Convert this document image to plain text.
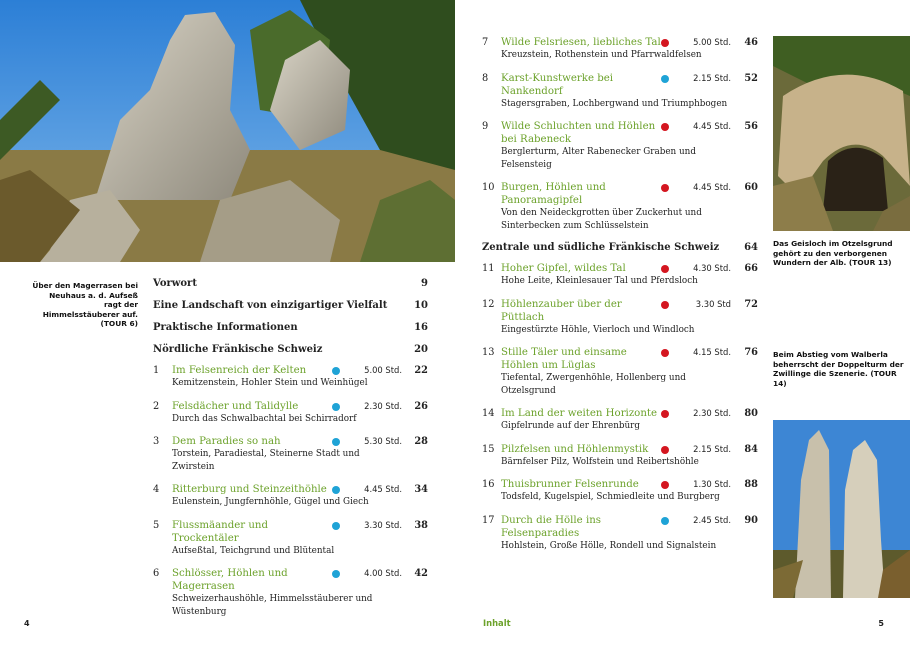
Über den Magerrasen bei Neuhaus a. d. Aufseß ragt der Himmelsstäuberer auf. (TOUR 6)
Vorwort	9
Eine Landschaft von einzigartiger Vielfalt	10
Praktische Informationen	16
Nördliche Fränkische Schweiz	20
1	Im Felsenreich der Kelten	5.00 Std.	22
Kemitzenstein, Hohler Stein und Weinhügel
2	Felsdächer und Talidylle	2.30 Std.	26
Durch das Schwalbachtal bei Schirradorf
3	Dem Paradies so nah	5.30 Std.	28
Torstein, Paradiestal, Steinerne Stadt und Zwirstein
4	Ritterburg und Steinzeithöhle	4.45 Std.	34
Eulenstein, Jungfernhöhle, Gügel und Giech
5	Flussmäander und Trockentäler
3.30 Std.	38
Aufseßtal, Teichgrund und Blütental
6	Schlösser, Höhlen und Magerrasen
4.00 Std.	42
Schweizerhaushöhle, Himmelsstäuberer und Wüstenburg
4
7	Wilde Felsriesen, liebliches Tal	5.00 Std.	46
Kreuzstein, Rothenstein und Pfarrwaldfelsen
8	Karst-Kunstwerke bei Nankendorf
2.15 Std.	52
Stagersgraben, Lochbergwand und Triumphbogen
9	Wilde Schluchten und Höhlen bei Rabeneck
4.45 Std.	56
Berglerturm, Alter Rabenecker Graben und Felsensteig
10 Burgen, Höhlen und Panoramagipfel
4.45 Std.	60
Von den Neideckgrotten über Zuckerhut und Sinterbecken zum Schlüsselstein
Zentrale und südliche Fränkische Schweiz 64
11 Hoher Gipfel, wildes Tal	4.30 Std.	66
Hohe Leite, Kleinlesauer Tal und Pferdsloch
12 Höhlenzauber über der Püttlach
3.30 Std	72
Eingestürzte Höhle, Vierloch und Windloch
13 Stille Täler und einsame Höhlen um Lüglas
4.15 Std.	76
Tiefental, Zwergenhöhle, Hollenberg und Otzelsgrund
14 Im Land der weiten Horizonte	2.30 Std.	80
Gipfelrunde auf der Ehrenbürg
15 Pilzfelsen und Höhlenmystik	2.15 Std.	84
Bärnfelser Pilz, Wolfstein und Reibertshöhle
16 Thuisbrunner Felsenrunde	1.30 Std.	88
Todsfeld, Kugelspiel, Schmiedleite und Burgberg
17 Durch die Hölle ins Felsenparadies
2.45 Std.	90
Hohlstein, Große Hölle, Rondell und Signalstein
Das Geisloch im Otzelsgrund gehört zu den verborgenen Wundern der Alb. (TOUR 13)
Beim Abstieg vom Walberla beherrscht der Doppelturm der Zwillinge die Szenerie. (TOUR 14)
Inhalt	5
